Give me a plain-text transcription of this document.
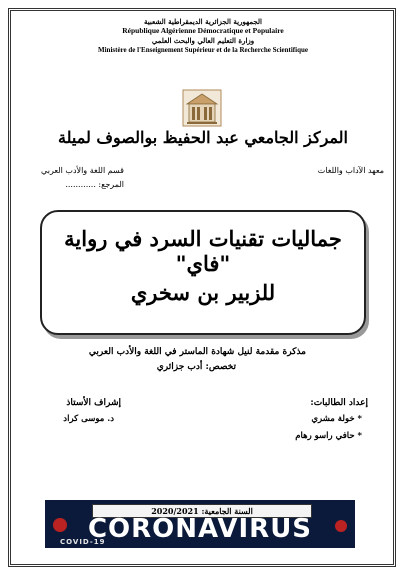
الجمهورية الجزائرية الديمقراطية الشعبية
République Algérienne Démocratique et Populaire
وزارة التعليم العالي والبحث العلمي
Ministère de l'Enseignement Supérieur et de la Recherche Scientifique
المركز الجامعي عبد الحفيظ بوالصوف لميلة
معهد الآداب واللغات
قسم اللغة والأدب العربي
المرجع: ............
جماليات تقنيات السرد في رواية "فاي"
للزبير بن سخري
مذكرة مقدمة لنيل شهادة الماستر في اللغة والأدب العربي
تخصص: أدب جزائري
إعداد الطالبات:
* خولة مشري
* حافي راسو رهام
إشراف الأستاذ
د. موسى كراد
السنة الجامعية: 2020/2021
CORONAVIRUS
COVID-19
